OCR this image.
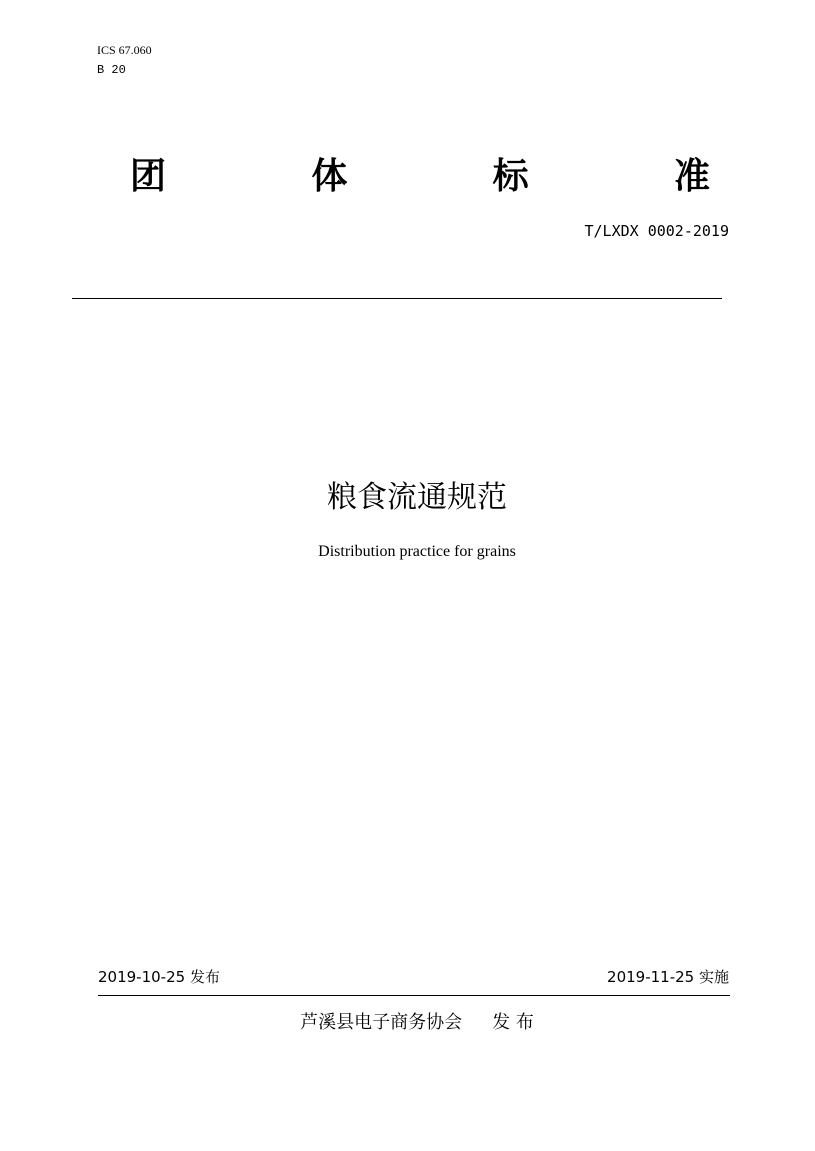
ICS 67.060
B 20
团	体	标	准
T/LXDX 0002-2019
粮食流通规范
Distribution practice for grains
2019-10-25 发布	2019-11-25 实施
芦溪县电子商务协会 发 布
